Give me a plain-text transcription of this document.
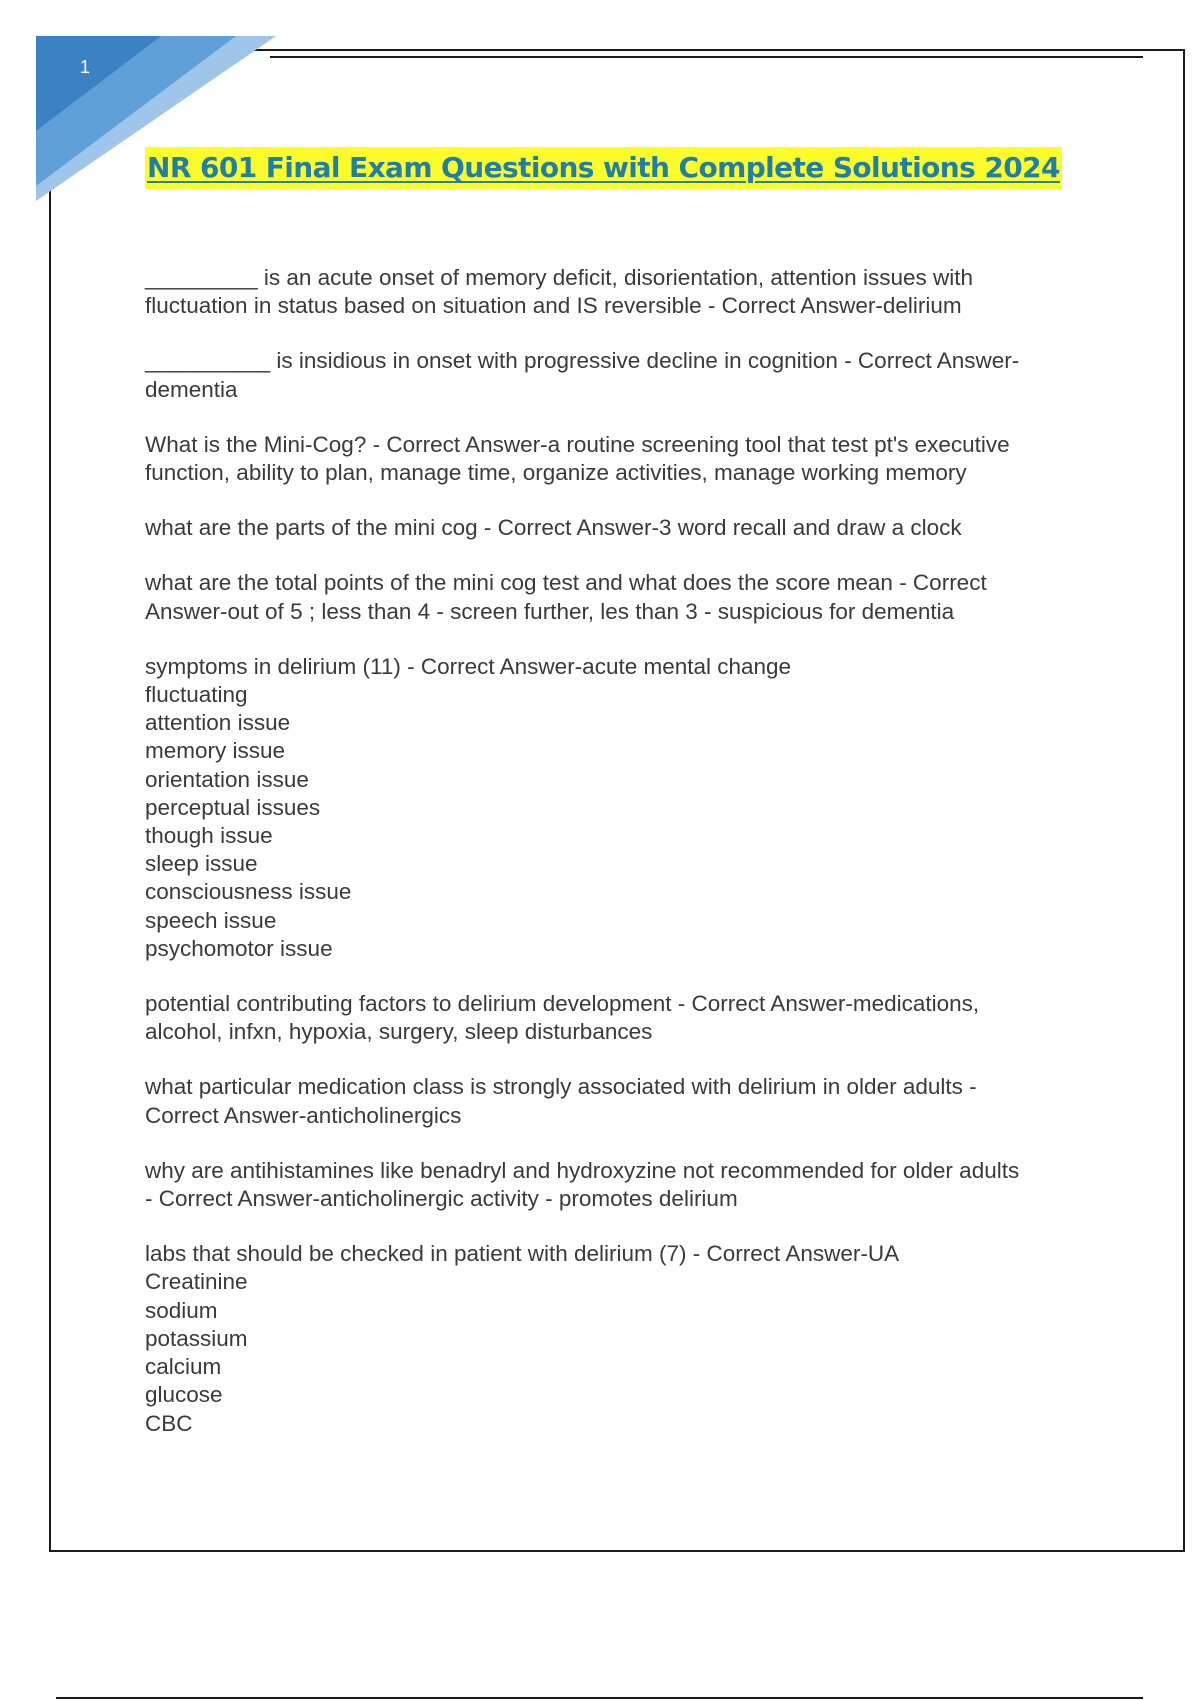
1
NR 601 Final Exam Questions with Complete Solutions 2024

_________ is an acute onset of memory deficit, disorientation, attention issues with
fluctuation in status based on situation and IS reversible - Correct Answer-delirium

__________ is insidious in onset with progressive decline in cognition - Correct Answer-
dementia

What is the Mini-Cog? - Correct Answer-a routine screening tool that test pt's executive
function, ability to plan, manage time, organize activities, manage working memory

what are the parts of the mini cog - Correct Answer-3 word recall and draw a clock

what are the total points of the mini cog test and what does the score mean - Correct
Answer-out of 5 ; less than 4 - screen further, les than 3 - suspicious for dementia

symptoms in delirium (11) - Correct Answer-acute mental change
fluctuating
attention issue
memory issue
orientation issue
perceptual issues
though issue
sleep issue
consciousness issue
speech issue
psychomotor issue

potential contributing factors to delirium development - Correct Answer-medications,
alcohol, infxn, hypoxia, surgery, sleep disturbances

what particular medication class is strongly associated with delirium in older adults -
Correct Answer-anticholinergics

why are antihistamines like benadryl and hydroxyzine not recommended for older adults
- Correct Answer-anticholinergic activity - promotes delirium

labs that should be checked in patient with delirium (7) - Correct Answer-UA
Creatinine
sodium
potassium
calcium
glucose
CBC
